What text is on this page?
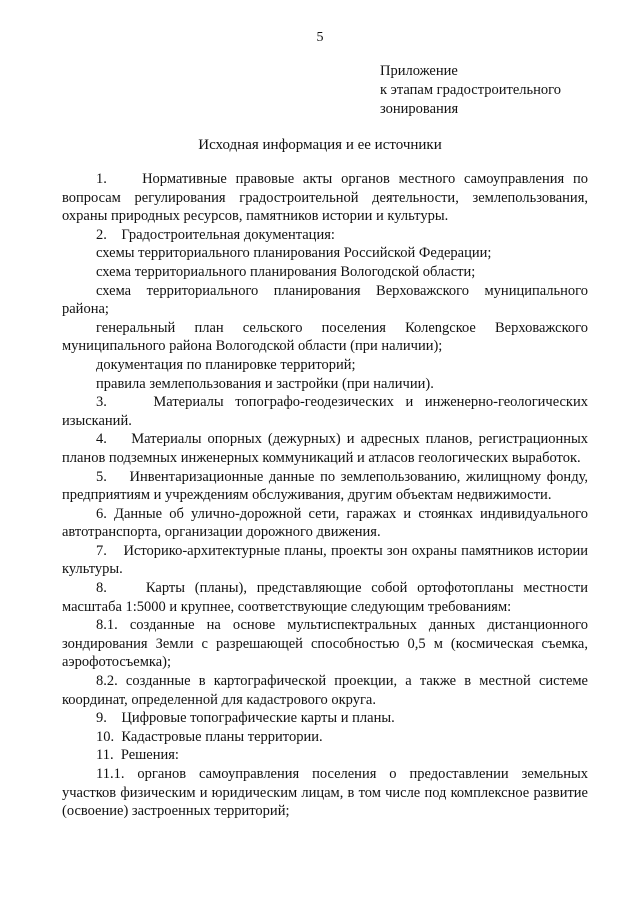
5
Приложение
к этапам градостроительного
зонирования
Исходная информация и ее источники
1.    Нормативные правовые акты органов местного самоуправления по вопросам регулирования градостроительной деятельности, землепользования, охраны природных ресурсов, памятников истории и культуры.
2.    Градостроительная документация:
схемы территориального планирования Российской Федерации;
схема территориального планирования Вологодской области;
схема территориального планирования Верховажского муниципального района;
генеральный план сельского поселения Колengское Верховажского муниципального района Вологодской области (при наличии);
документация по планировке территорий;
правила землепользования и застройки (при наличии).
3.    Материалы топографо-геодезических и инженерно-геологических изысканий.
4.    Материалы опорных (дежурных) и адресных планов, регистрационных планов подземных инженерных коммуникаций и атласов геологических выработок.
5.    Инвентаризационные данные по землепользованию, жилищному фонду, предприятиям и учреждениям обслуживания, другим объектам недвижимости.
6. Данные об улично-дорожной сети, гаражах и стоянках индивидуального автотранспорта, организации дорожного движения.
7.    Историко-архитектурные планы, проекты зон охраны памятников истории культуры.
8.    Карты (планы), представляющие собой ортофотопланы местности масштаба 1:5000 и крупнее, соответствующие следующим требованиям:
8.1. созданные на основе мультиспектральных данных дистанционного зондирования Земли с разрешающей способностью 0,5 м (космическая съемка, аэрофотосъемка);
8.2. созданные в картографической проекции, а также в местной системе координат, определенной для кадастрового округа.
9.    Цифровые топографические карты и планы.
10.  Кадастровые планы территории.
11.  Решения:
11.1. органов самоуправления поселения о предоставлении земельных участков физическим и юридическим лицам, в том числе под комплексное развитие (освоение) застроенных территорий;
